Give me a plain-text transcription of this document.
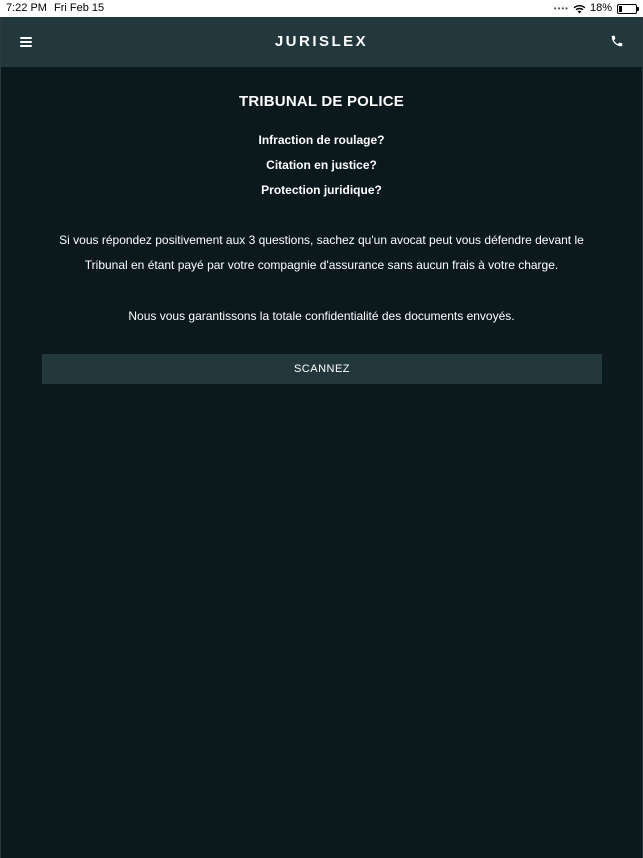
7:22 PM Fri Feb 15	•••• 18%
JURISLEX
TRIBUNAL DE POLICE
Infraction de roulage?
Citation en justice?
Protection juridique?

Si vous répondez positivement aux 3 questions, sachez qu'un avocat peut vous défendre devant le Tribunal en étant payé par votre compagnie d'assurance sans aucun frais à votre charge.

Nous vous garantissons la totale confidentialité des documents envoyés.

SCANNEZ
